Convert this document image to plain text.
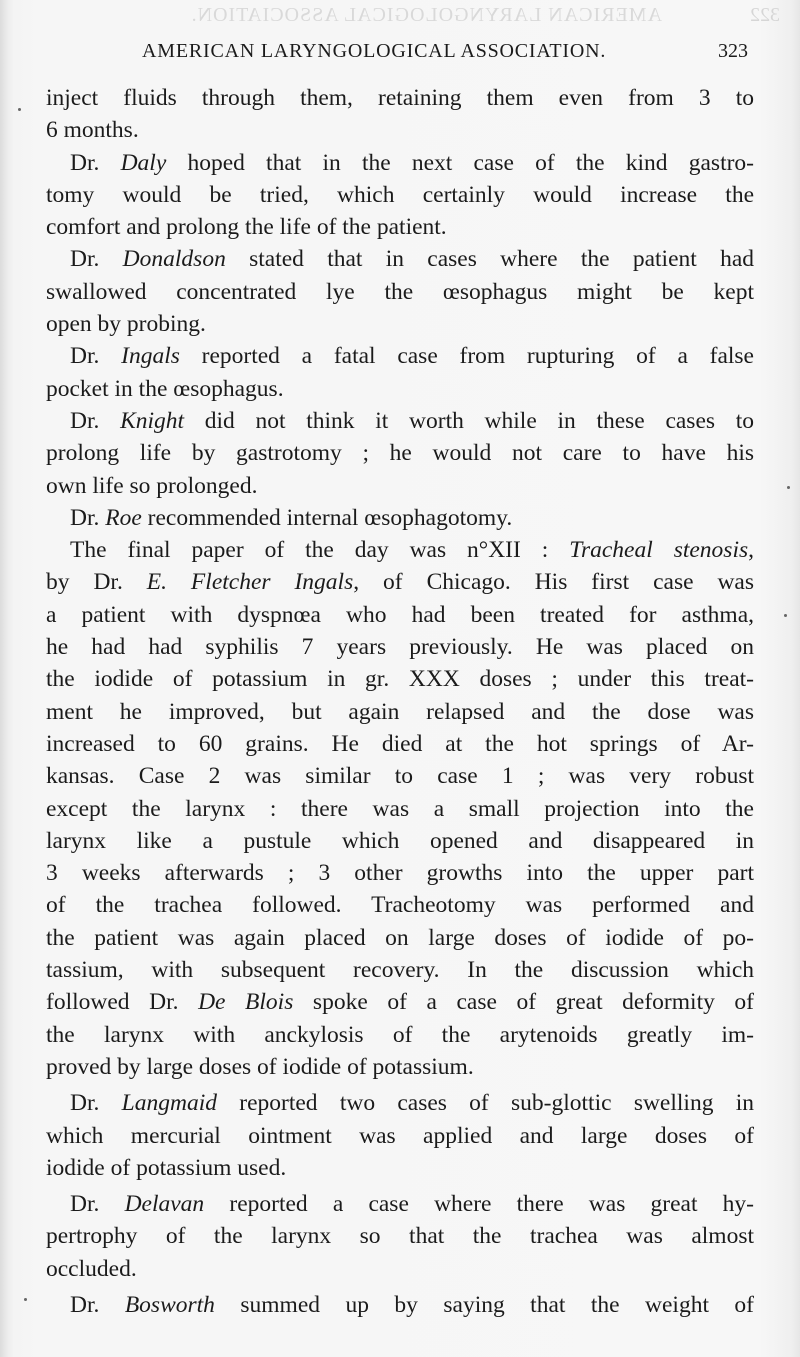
AMERICAN LARYNGOLOGICAL ASSOCIATION.	322
AMERICAN LARYNGOLOGICAL ASSOCIATION.	323
inject fluids through them, retaining them even from 3 to
6 months.
Dr. Daly hoped that in the next case of the kind gastro-
tomy would be tried, which certainly would increase the
comfort and prolong the life of the patient.
Dr. Donaldson stated that in cases where the patient had
swallowed concentrated lye the œsophagus might be kept
open by probing.
Dr. Ingals reported a fatal case from rupturing of a false
pocket in the œsophagus.
Dr. Knight did not think it worth while in these cases to
prolong life by gastrotomy ; he would not care to have his
own life so prolonged.
Dr. Roe recommended internal œsophagotomy.
The final paper of the day was n°XII : Tracheal stenosis,
by Dr. E. Fletcher Ingals, of Chicago. His first case was
a patient with dyspnœa who had been treated for asthma,
he had had syphilis 7 years previously. He was placed on
the iodide of potassium in gr. XXX doses ; under this treat-
ment he improved, but again relapsed and the dose was
increased to 60 grains. He died at the hot springs of Ar-
kansas. Case 2 was similar to case 1 ; was very robust
except the larynx : there was a small projection into the
larynx like a pustule which opened and disappeared in
3 weeks afterwards ; 3 other growths into the upper part
of the trachea followed. Tracheotomy was performed and
the patient was again placed on large doses of iodide of po-
tassium, with subsequent recovery. In the discussion which
followed Dr. De Blois spoke of a case of great deformity of
the larynx with anckylosis of the arytenoids greatly im-
proved by large doses of iodide of potassium.
Dr. Langmaid reported two cases of sub-glottic swelling in
which mercurial ointment was applied and large doses of
iodide of potassium used.
Dr. Delavan reported a case where there was great hy-
pertrophy of the larynx so that the trachea was almost
occluded.
Dr. Bosworth summed up by saying that the weight of
